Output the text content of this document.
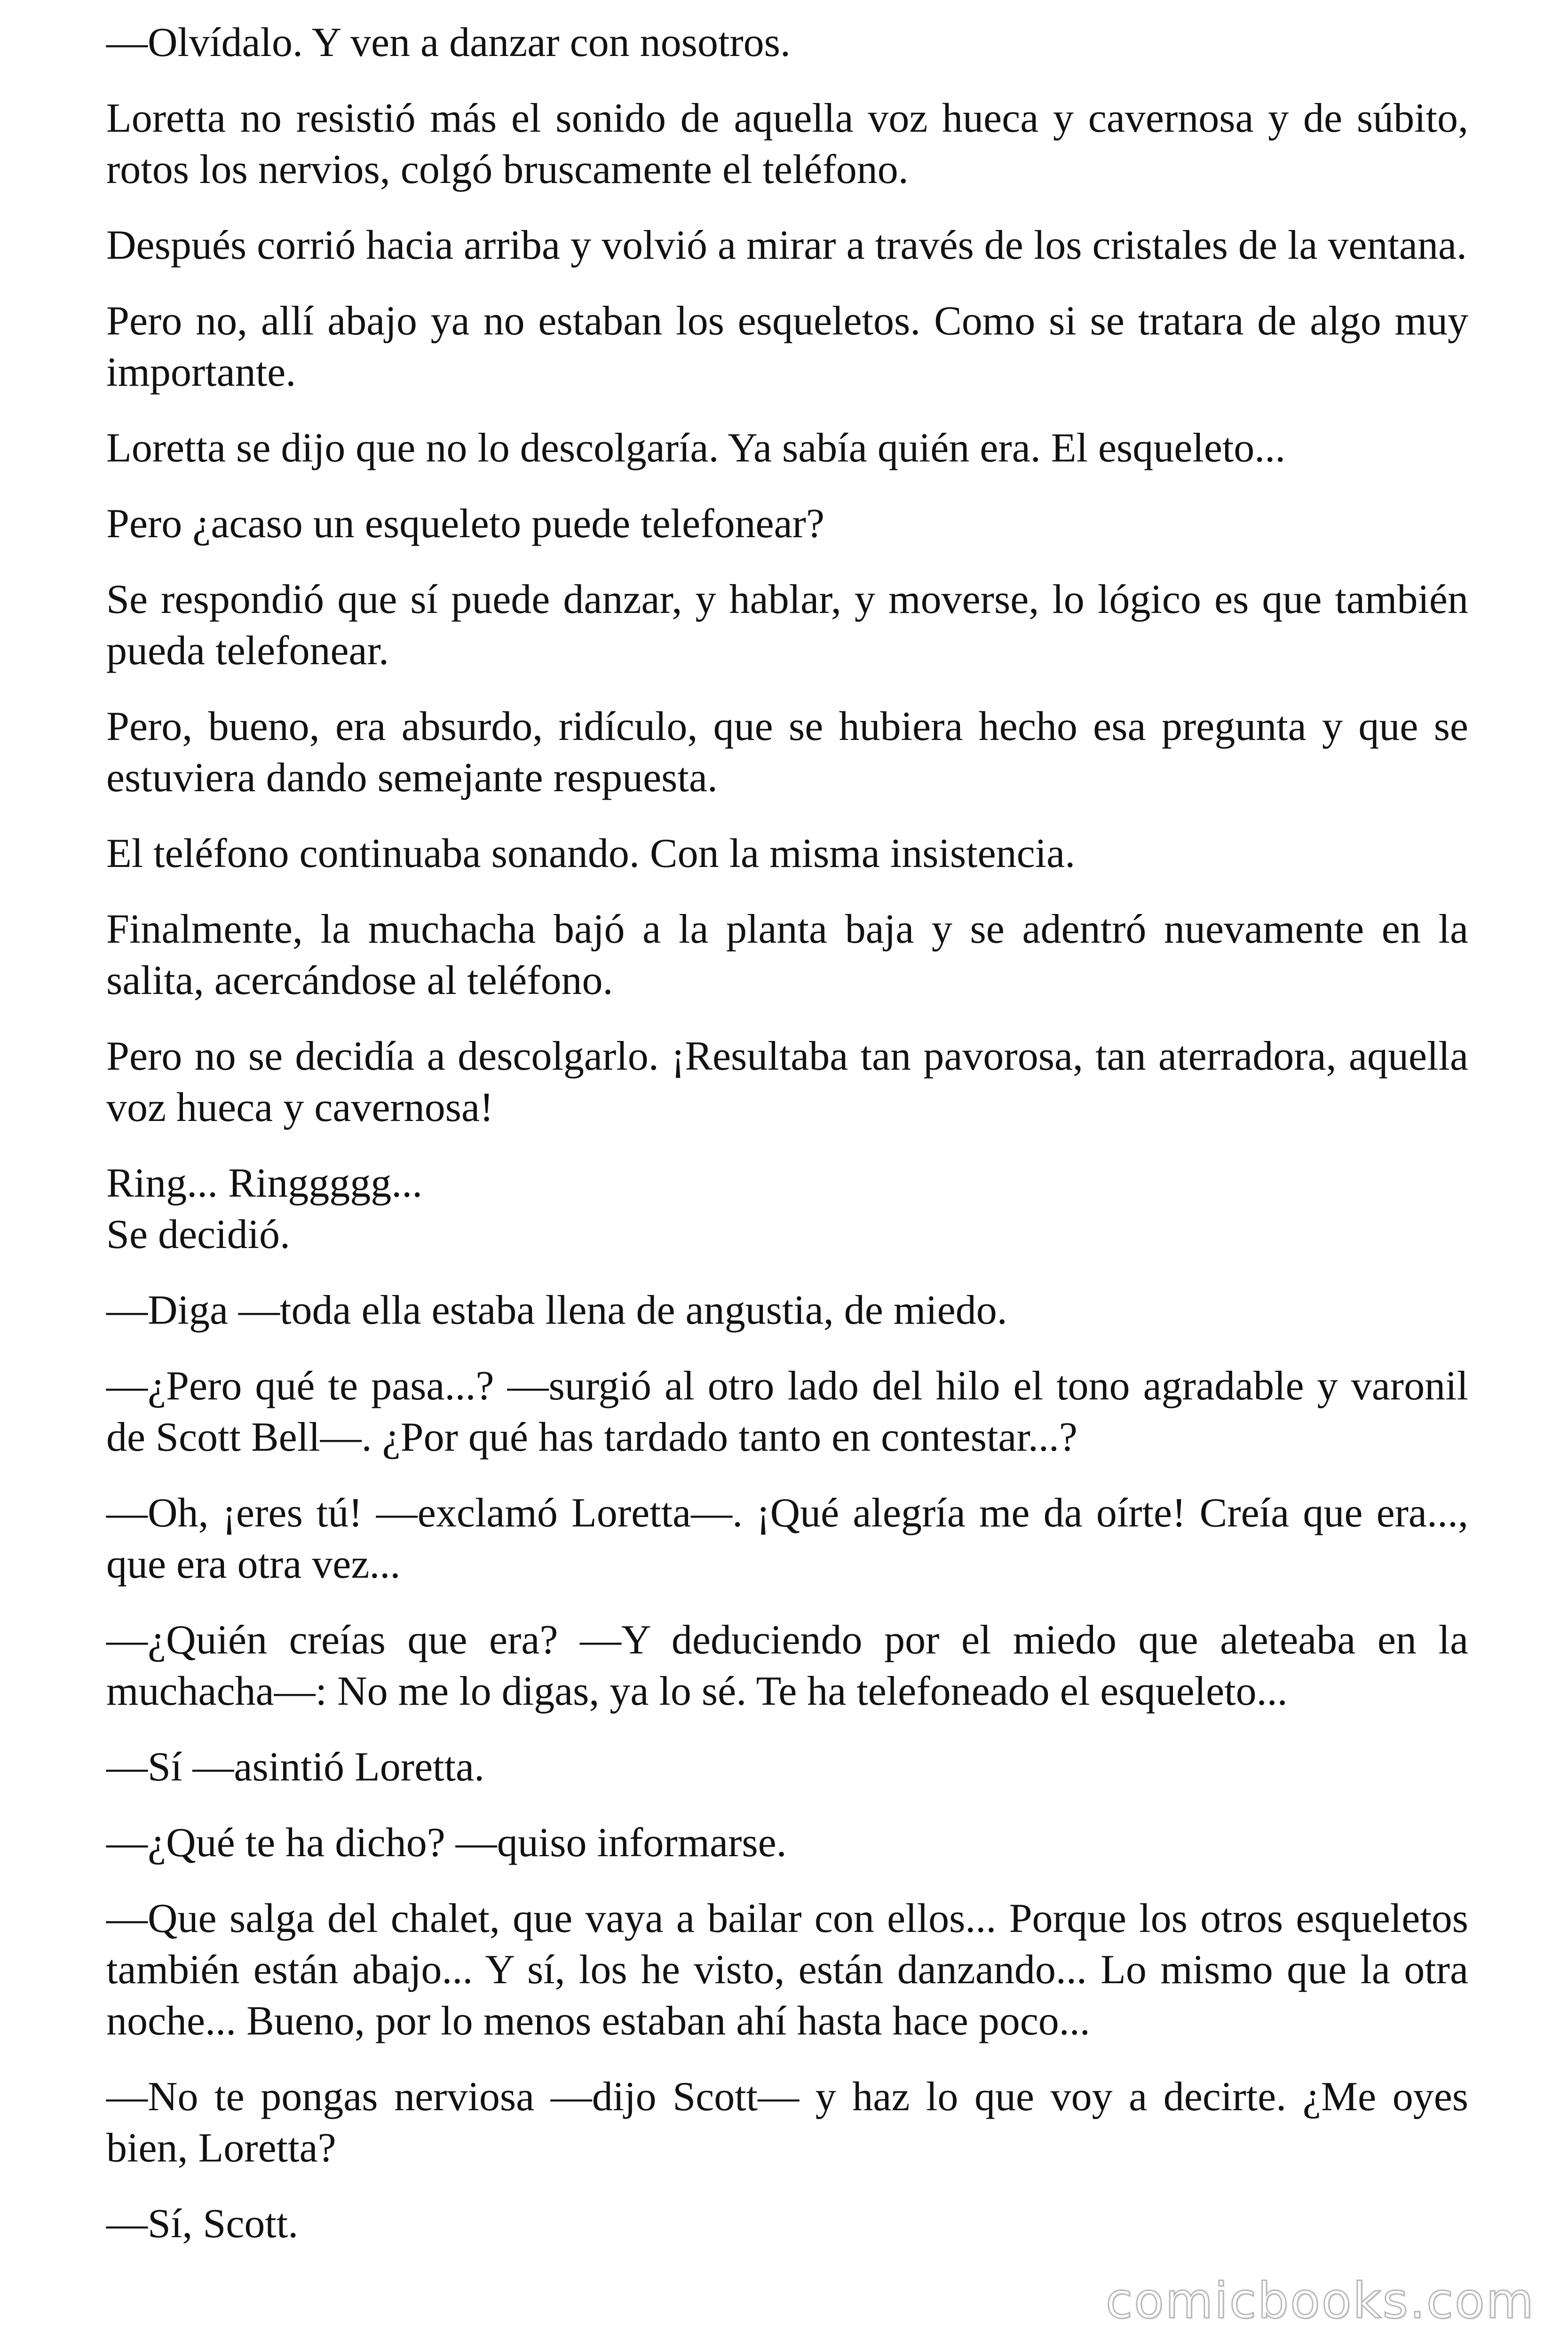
—Olvídalo. Y ven a danzar con nosotros.

Loretta no resistió más el sonido de aquella voz hueca y cavernosa y de súbito, rotos los nervios, colgó bruscamente el teléfono.

Después corrió hacia arriba y volvió a mirar a través de los cristales de la ventana.

Pero no, allí abajo ya no estaban los esqueletos. Como si se tratara de algo muy importante.

Loretta se dijo que no lo descolgaría. Ya sabía quién era. El esqueleto...

Pero ¿acaso un esqueleto puede telefonear?

Se respondió que sí puede danzar, y hablar, y moverse, lo lógico es que también pueda telefonear.

Pero, bueno, era absurdo, ridículo, que se hubiera hecho esa pregunta y que se estuviera dando semejante respuesta.

El teléfono continuaba sonando. Con la misma insistencia.

Finalmente, la muchacha bajó a la planta baja y se adentró nuevamente en la salita, acercándose al teléfono.

Pero no se decidía a descolgarlo. ¡Resultaba tan pavorosa, tan aterradora, aquella voz hueca y cavernosa!

Ring... Ringgggg...

Se decidió.

—Diga —toda ella estaba llena de angustia, de miedo.

—¿Pero qué te pasa...? —surgió al otro lado del hilo el tono agradable y varonil de Scott Bell—. ¿Por qué has tardado tanto en contestar...?

—Oh, ¡eres tú! —exclamó Loretta—. ¡Qué alegría me da oírte! Creía que era..., que era otra vez...

—¿Quién creías que era? —Y deduciendo por el miedo que aleteaba en la muchacha—: No me lo digas, ya lo sé. Te ha telefoneado el esqueleto...

—Sí —asintió Loretta.

—¿Qué te ha dicho? —quiso informarse.

—Que salga del chalet, que vaya a bailar con ellos... Porque los otros esqueletos también están abajo... Y sí, los he visto, están danzando... Lo mismo que la otra noche... Bueno, por lo menos estaban ahí hasta hace poco...

—No te pongas nerviosa —dijo Scott— y haz lo que voy a decirte. ¿Me oyes bien, Loretta?

—Sí, Scott.

comicbooks.com
